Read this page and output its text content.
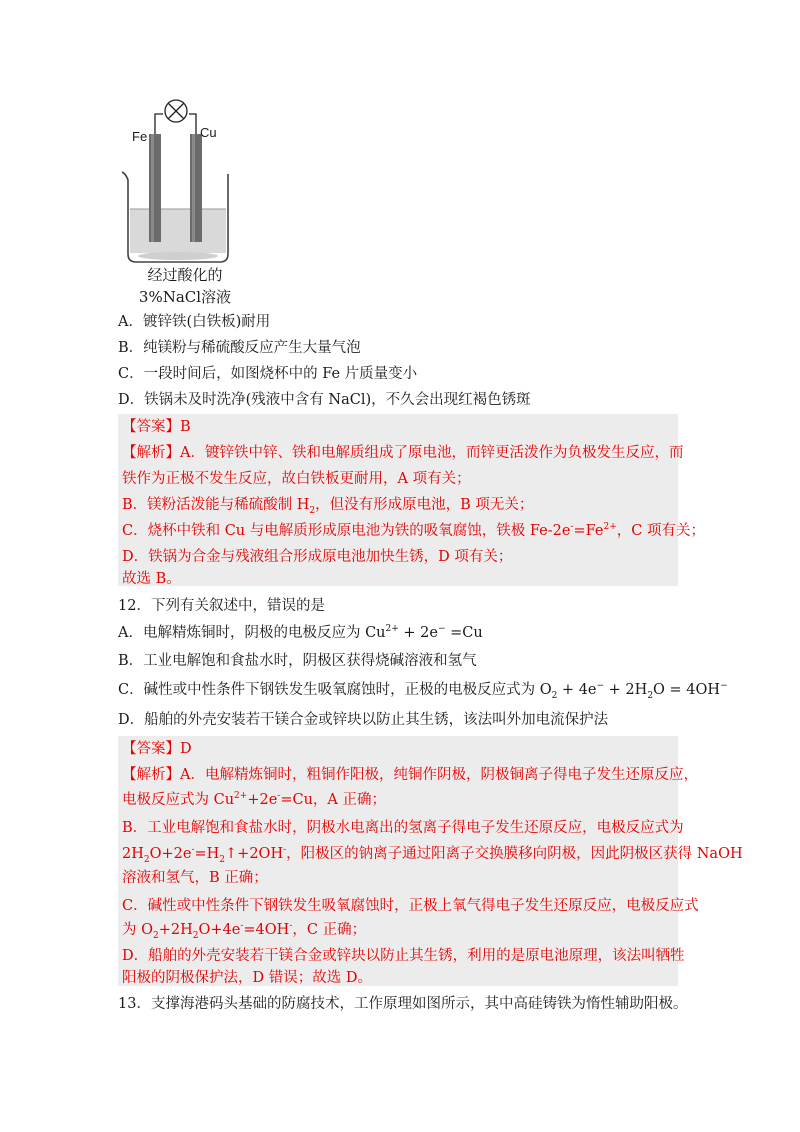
Fe	Cu
经过酸化的
3%NaCl溶液
A．镀锌铁(白铁板)耐用
B．纯镁粉与稀硫酸反应产生大量气泡
C．一段时间后，如图烧杯中的 Fe 片质量变小
D．铁锅未及时洗净(残液中含有 NaCl)，不久会出现红褐色锈斑
【答案】B
【解析】A．镀锌铁中锌、铁和电解质组成了原电池，而锌更活泼作为负极发生反应，而
铁作为正极不发生反应，故白铁板更耐用，A 项有关；
B．镁粉活泼能与稀硫酸制 $H_2$，但没有形成原电池，B 项无关；
C．烧杯中铁和 Cu 与电解质形成原电池为铁的吸氧腐蚀，铁极 $Fe-2e^-=Fe^{2+}$，C 项有关；
D．铁锅为合金与残液组合形成原电池加快生锈，D 项有关；
故选 B。
12．下列有关叙述中，错误的是
A．电解精炼铜时，阴极的电极反应为 $Cu^{2+} + 2e^- =Cu$
B．工业电解饱和食盐水时，阴极区获得烧碱溶液和氢气
C．碱性或中性条件下钢铁发生吸氧腐蚀时，正极的电极反应式为 $O_2 + 4e^- + 2H_2O = 4OH^-$
D．船舶的外壳安装若干镁合金或锌块以防止其生锈，该法叫外加电流保护法
【答案】D
【解析】A．电解精炼铜时，粗铜作阳极，纯铜作阴极，阴极铜离子得电子发生还原反应，
电极反应式为 $Cu^{2+}+2e^-=Cu$，A 正确；
B．工业电解饱和食盐水时，阴极水电离出的氢离子得电子发生还原反应，电极反应式为
$2H_2O+2e^-=H_2↑+2OH^-$，阳极区的钠离子通过阳离子交换膜移向阴极，因此阴极区获得 NaOH
溶液和氢气，B 正确；
C．碱性或中性条件下钢铁发生吸氧腐蚀时，正极上氧气得电子发生还原反应，电极反应式
为 $O_2+2H_2O+4e^-=4OH^-$，C 正确；
D．船舶的外壳安装若干镁合金或锌块以防止其生锈，利用的是原电池原理，该法叫牺牲
阳极的阴极保护法，D 错误；故选 D。
13．支撑海港码头基础的防腐技术，工作原理如图所示，其中高硅铸铁为惰性辅助阳极。
